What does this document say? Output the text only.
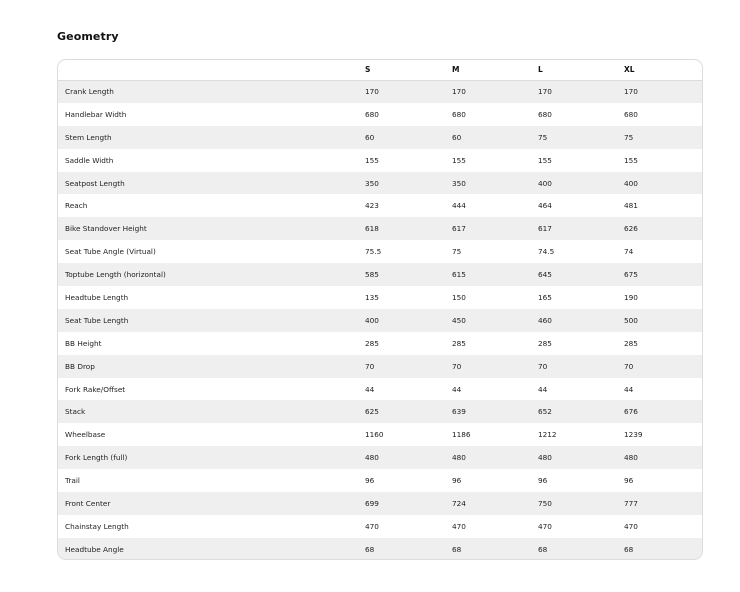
Geometry
	S	M	L	XL
Crank Length	170	170	170	170
Handlebar Width	680	680	680	680
Stem Length	60	60	75	75
Saddle Width	155	155	155	155
Seatpost Length	350	350	400	400
Reach	423	444	464	481
Bike Standover Height	618	617	617	626
Seat Tube Angle (Virtual)	75.5	75	74.5	74
Toptube Length (horizontal)	585	615	645	675
Headtube Length	135	150	165	190
Seat Tube Length	400	450	460	500
BB Height	285	285	285	285
BB Drop	70	70	70	70
Fork Rake/Offset	44	44	44	44
Stack	625	639	652	676
Wheelbase	1160	1186	1212	1239
Fork Length (full)	480	480	480	480
Trail	96	96	96	96
Front Center	699	724	750	777
Chainstay Length	470	470	470	470
Headtube Angle	68	68	68	68
